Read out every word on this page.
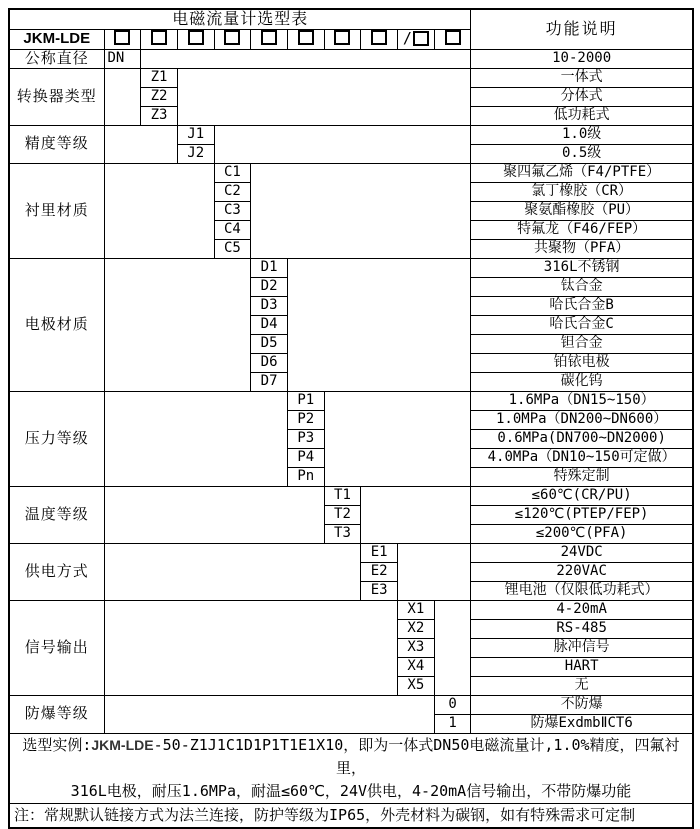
电磁流量计选型表											功能说明
JKM-LDE									/		
公称直径	DN										10-2000
转换器类型		Z1									一体式
		Z2									分体式
		Z3									低功耗式
精度等级			J1								1.0级
			J2								0.5级
衬里材质				C1							聚四氟乙烯（F4/PTFE）
				C2							氯丁橡胶（CR）
				C3							聚氨酯橡胶（PU）
				C4							特氟龙（F46/FEP）
				C5							共聚物（PFA）
电极材质					D1						316L不锈钢
					D2						钛合金
					D3						哈氏合金B
					D4						哈氏合金C
					D5						钽合金
					D6						铂铱电极
					D7						碳化钨
压力等级						P1					1.6MPa（DN15~150）
						P2					1.0MPa（DN200~DN600）
						P3					0.6MPa(DN700~DN2000)
						P4					4.0MPa（DN10~150可定做）
						Pn					特殊定制
温度等级							T1				≤60℃(CR/PU)
							T2				≤120℃(PTEP/FEP)
							T3				≤200℃(PFA)
供电方式								E1			24VDC
								E2			220VAC
								E3			锂电池（仅限低功耗式）
信号输出									X1		4-20mA
									X2		RS-485
									X3		脉冲信号
									X4		HART
									X5		无
防爆等级										0	不防爆
										1	防爆ExdmbⅡCT6
选型实例:JKM-LDE-50-Z1J1C1D1P1T1E1X10，即为一体式DN50电磁流量计,1.0%精度，四氟衬里，
316L电极，耐压1.6MPa，耐温≤60℃，24V供电，4-20mA信号输出，不带防爆功能											
注：常规默认链接方式为法兰连接，防护等级为IP65，外壳材料为碳钢，如有特殊需求可定制											
